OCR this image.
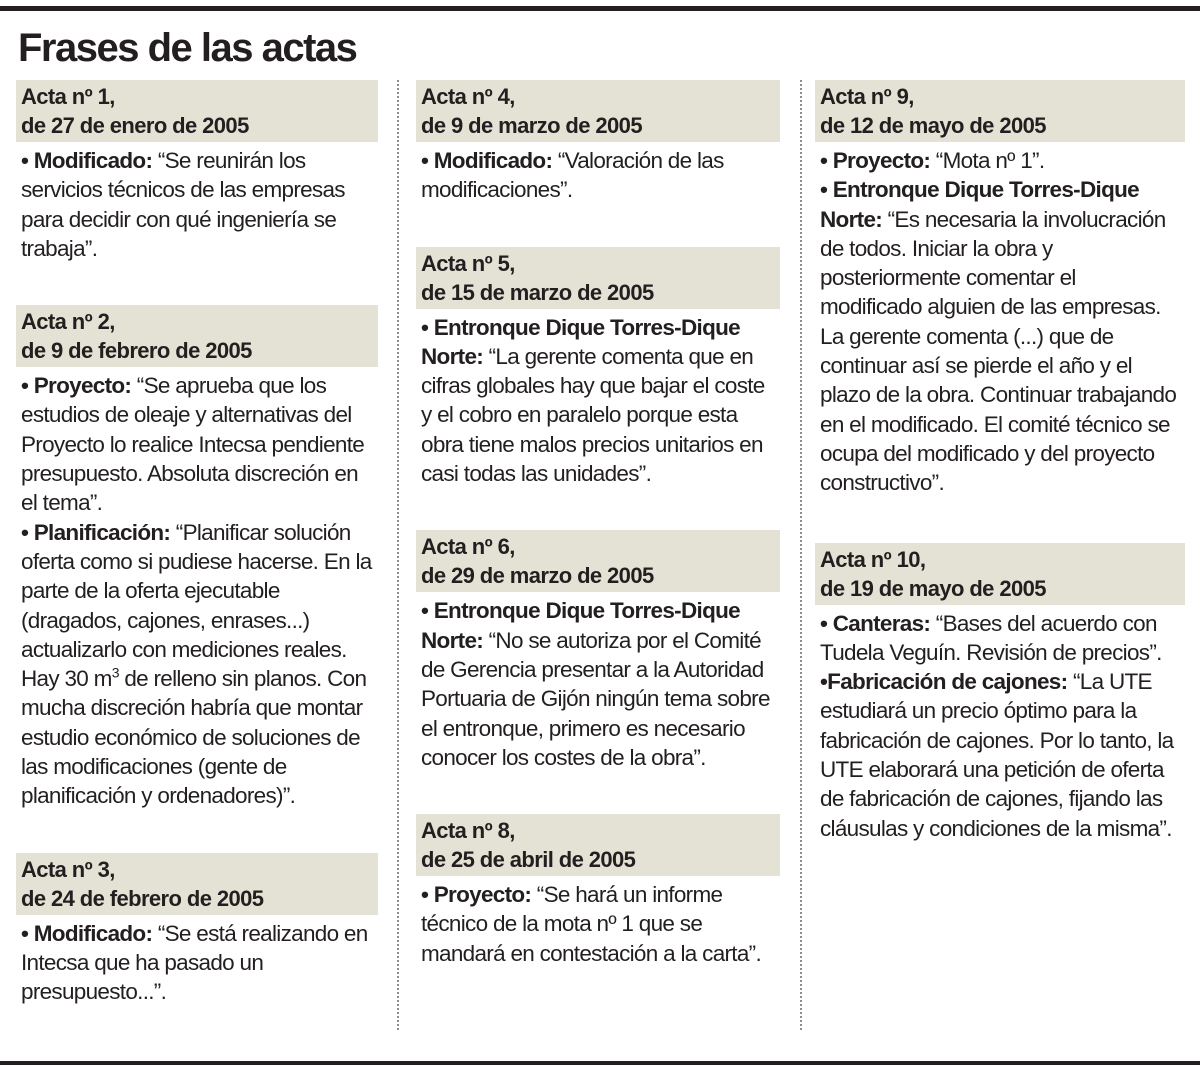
Frases de las actas
Acta nº 1,
de 27 de enero de 2005

• Modificado: “Se reunirán los servicios técnicos de las empresas para decidir con qué ingeniería se trabaja”.

Acta nº 2,
de 9 de febrero de 2005

• Proyecto: “Se aprueba que los estudios de oleaje y alternativas del Proyecto lo realice Intecsa pendiente presupuesto. Absoluta discreción en el tema”.

• Planificación: “Planificar solución oferta como si pudiese hacerse. En la parte de la oferta ejecutable (dragados, cajones, enrases...) actualizarlo con mediciones reales. Hay 30 $m^3$ de relleno sin planos. Con mucha discreción habría que montar estudio económico de soluciones de las modificaciones (gente de planificación y ordenadores)”.

Acta nº 3,
de 24 de febrero de 2005

• Modificado: “Se está realizando en Intecsa que ha pasado un presupuesto...”.

Acta nº 4,
de 9 de marzo de 2005

• Modificado: “Valoración de las modificaciones”.

Acta nº 5,
de 15 de marzo de 2005

• Entronque Dique Torres-Dique Norte: “La gerente comenta que en cifras globales hay que bajar el coste y el cobro en paralelo porque esta obra tiene malos precios unitarios en casi todas las unidades”.

Acta nº 6,
de 29 de marzo de 2005

• Entronque Dique Torres-Dique Norte: “No se autoriza por el Comité de Gerencia presentar a la Autoridad Portuaria de Gijón ningún tema sobre el entronque, primero es necesario conocer los costes de la obra”.

Acta nº 8,
de 25 de abril de 2005

• Proyecto: “Se hará un informe técnico de la mota nº 1 que se mandará en contestación a la carta”.

Acta nº 9,
de 12 de mayo de 2005

• Proyecto: “Mota nº 1”.

• Entronque Dique Torres-Dique Norte: “Es necesaria la involucración de todos. Iniciar la obra y posteriormente comentar el modificado alguien de las empresas. La gerente comenta (...) que de continuar así se pierde el año y el plazo de la obra. Continuar trabajando en el modificado. El comité técnico se ocupa del modificado y del proyecto constructivo”.

Acta nº 10,
de 19 de mayo de 2005

• Canteras: “Bases del acuerdo con Tudela Veguín. Revisión de precios”.

•Fabricación de cajones: “La UTE estudiará un precio óptimo para la fabricación de cajones. Por lo tanto, la UTE elaborará una petición de oferta de fabricación de cajones, fijando las cláusulas y condiciones de la misma”.
